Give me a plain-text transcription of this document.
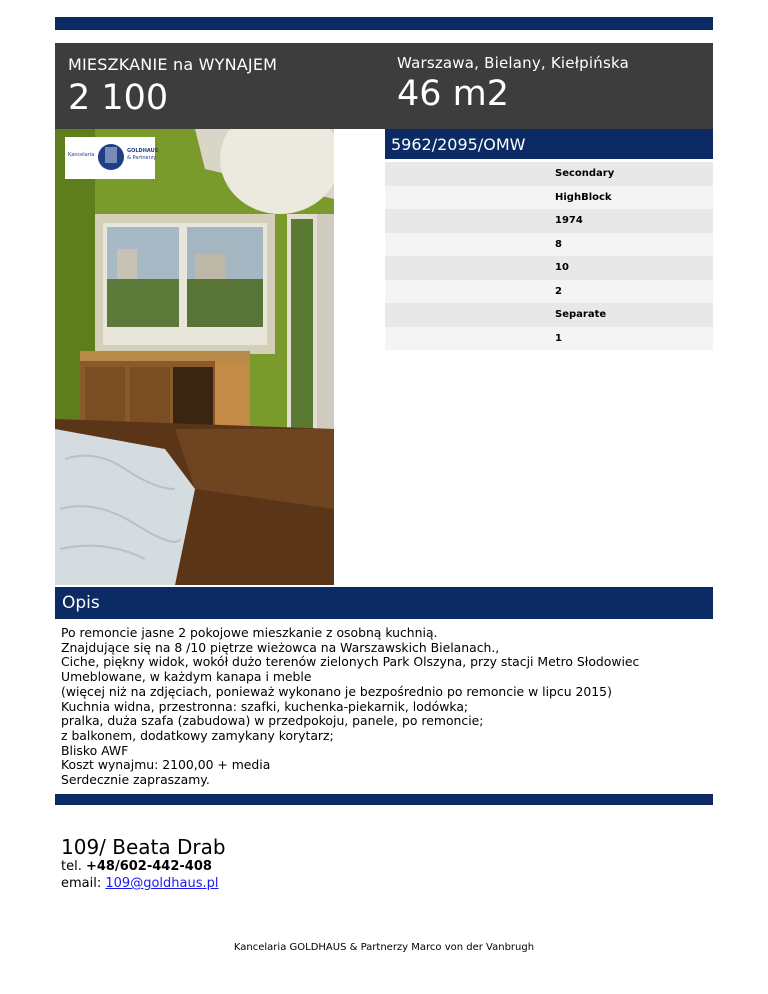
MIESZKANIE na WYNAJEM
2 100
Warszawa, Bielany, Kiełpińska
46 m2
Kancelaria
GOLDHAUS
& Partnerzy
5962/2095/OMW
Secondary
HighBlock
1974
8
10
2
Separate
1
Opis
Po remoncie jasne 2 pokojowe mieszkanie z osobną kuchnią.
Znajdujące się na 8 /10 piętrze wieżowca na Warszawskich Bielanach.,
Ciche, piękny widok, wokół dużo terenów zielonych Park Olszyna, przy stacji Metro Słodowiec
Umeblowane, w każdym kanapa i meble
(więcej niż na zdjęciach, ponieważ wykonano je bezpośrednio po remoncie w lipcu 2015)
Kuchnia widna, przestronna: szafki, kuchenka-piekarnik, lodówka;
pralka, duża szafa (zabudowa) w przedpokoju, panele, po remoncie;
z balkonem, dodatkowy zamykany korytarz;
Blisko AWF
Koszt wynajmu: 2100,00 + media
Serdecznie zapraszamy.
109/ Beata Drab
tel. +48/602-442-408
email: 109@goldhaus.pl
Kancelaria GOLDHAUS & Partnerzy Marco von der Vanbrugh
